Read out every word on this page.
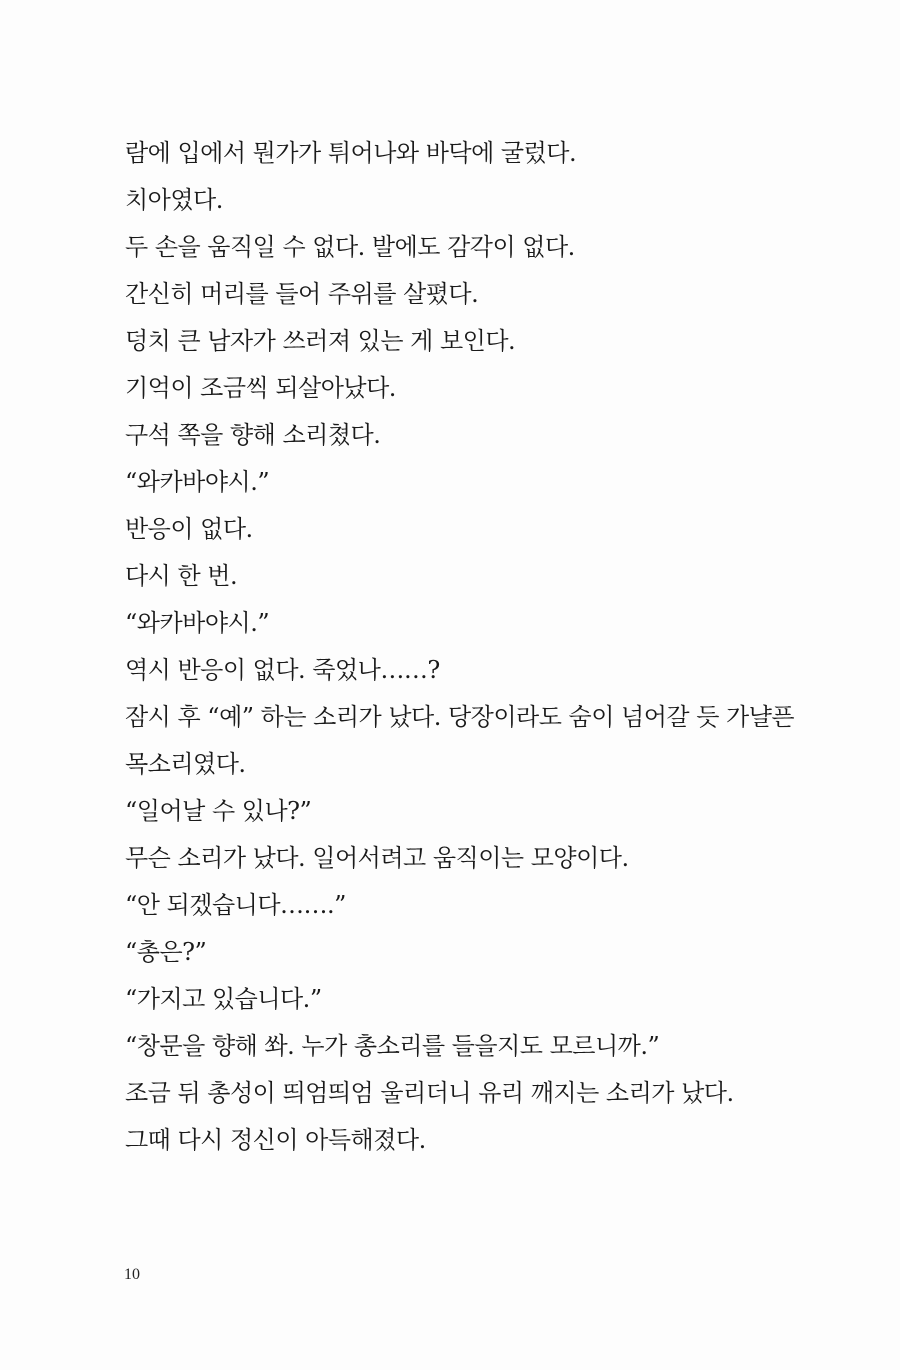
람에 입에서 뭔가가 튀어나와 바닥에 굴렀다.
치아였다.
두 손을 움직일 수 없다. 발에도 감각이 없다.
간신히 머리를 들어 주위를 살폈다.
덩치 큰 남자가 쓰러져 있는 게 보인다.
기억이 조금씩 되살아났다.
구석 쪽을 향해 소리쳤다.
“와카바야시.”
반응이 없다.
다시 한 번.
“와카바야시.”
역시 반응이 없다. 죽었나……?
잠시 후 “예” 하는 소리가 났다. 당장이라도 숨이 넘어갈 듯 가냘픈
목소리였다.
“일어날 수 있나?”
무슨 소리가 났다. 일어서려고 움직이는 모양이다.
“안 되겠습니다…….”
“총은?”
“가지고 있습니다.”
“창문을 향해 쏴. 누가 총소리를 들을지도 모르니까.”
조금 뒤 총성이 띄엄띄엄 울리더니 유리 깨지는 소리가 났다.
그때 다시 정신이 아득해졌다.
10
